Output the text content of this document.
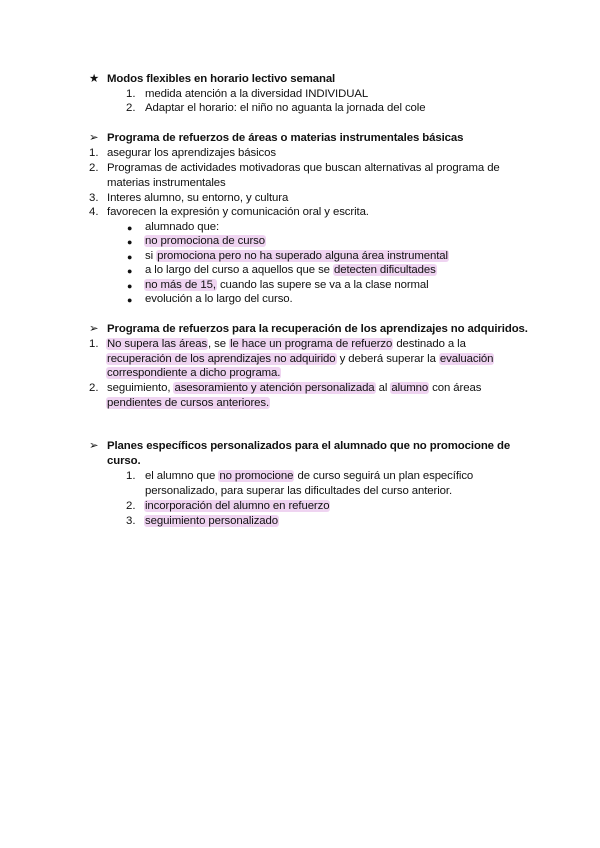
★ Modos flexibles en horario lectivo semanal
1. medida atención a la diversidad INDIVIDUAL
2. Adaptar el horario: el niño no aguanta la jornada del cole
➢ Programa de refuerzos de áreas o materias instrumentales básicas
1. asegurar los aprendizajes básicos
2. Programas de actividades motivadoras que buscan alternativas al programa de
materias instrumentales
3. Interes alumno, su entorno, y cultura
4. favorecen la expresión y comunicación oral y escrita.
● alumnado que:
● no promociona de curso
● si promociona pero no ha superado alguna área instrumental
● a lo largo del curso a aquellos que se detecten dificultades
● no más de 15, cuando las supere se va a la clase normal
● evolución a lo largo del curso.
➢ Programa de refuerzos para la recuperación de los aprendizajes no adquiridos.
1. No supera las áreas, se le hace un programa de refuerzo destinado a la
recuperación de los aprendizajes no adquirido y deberá superar la evaluación
correspondiente a dicho programa.
2. seguimiento, asesoramiento y atención personalizada al alumno con áreas
pendientes de cursos anteriores.
➢ Planes específicos personalizados para el alumnado que no promocione de
curso.
1. el alumno que no promocione de curso seguirá un plan específico
personalizado, para superar las dificultades del curso anterior.
2. incorporación del alumno en refuerzo
3. seguimiento personalizado
